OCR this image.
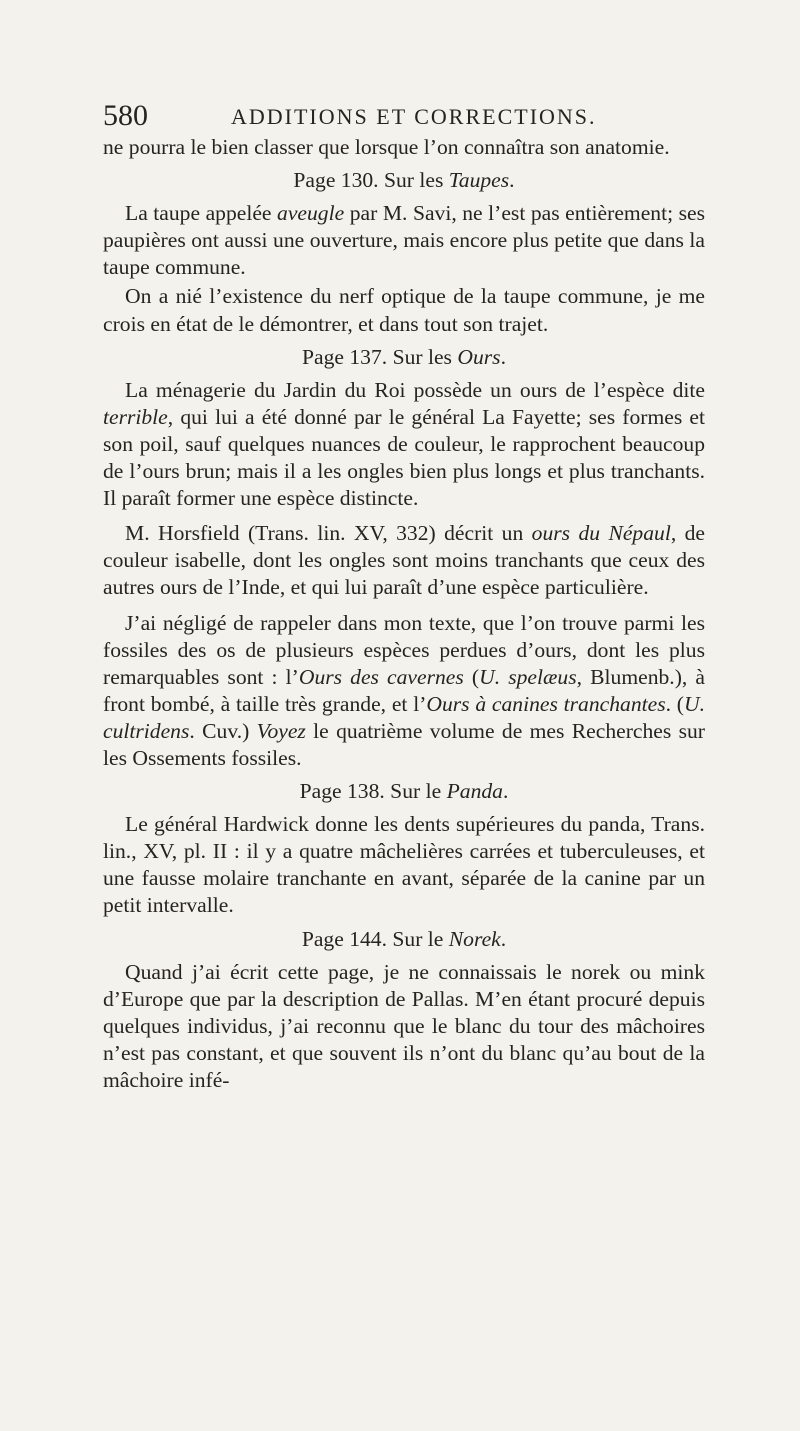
580	ADDITIONS ET CORRECTIONS.

ne pourra le bien classer que lorsque l’on connaîtra son anatomie.

Page 130. Sur les Taupes.

La taupe appelée aveugle par M. Savi, ne l’est pas entièrement; ses paupières ont aussi une ouverture, mais encore plus petite que dans la taupe commune.

On a nié l’existence du nerf optique de la taupe commune, je me crois en état de le démontrer, et dans tout son trajet.

Page 137. Sur les Ours.

La ménagerie du Jardin du Roi possède un ours de l’espèce dite terrible, qui lui a été donné par le général La Fayette; ses formes et son poil, sauf quelques nuances de couleur, le rapprochent beaucoup de l’ours brun; mais il a les ongles bien plus longs et plus tranchants. Il paraît former une espèce distincte.

M. Horsfield (Trans. lin. XV, 332) décrit un ours du Népaul, de couleur isabelle, dont les ongles sont moins tranchants que ceux des autres ours de l’Inde, et qui lui paraît d’une espèce particulière.

J’ai négligé de rappeler dans mon texte, que l’on trouve parmi les fossiles des os de plusieurs espèces perdues d’ours, dont les plus remarquables sont : l’Ours des cavernes (U. spelæus, Blumenb.), à front bombé, à taille très grande, et l’Ours à canines tranchantes. (U. cultridens. Cuv.) Voyez le quatrième volume de mes Recherches sur les Ossements fossiles.

Page 138. Sur le Panda.

Le général Hardwick donne les dents supérieures du panda, Trans. lin., XV, pl. II : il y a quatre mâchelières carrées et tuberculeuses, et une fausse molaire tranchante en avant, séparée de la canine par un petit intervalle.

Page 144. Sur le Norek.

Quand j’ai écrit cette page, je ne connaissais le norek ou mink d’Europe que par la description de Pallas. M’en étant procuré depuis quelques individus, j’ai reconnu que le blanc du tour des mâchoires n’est pas constant, et que souvent ils n’ont du blanc qu’au bout de la mâchoire infé-
